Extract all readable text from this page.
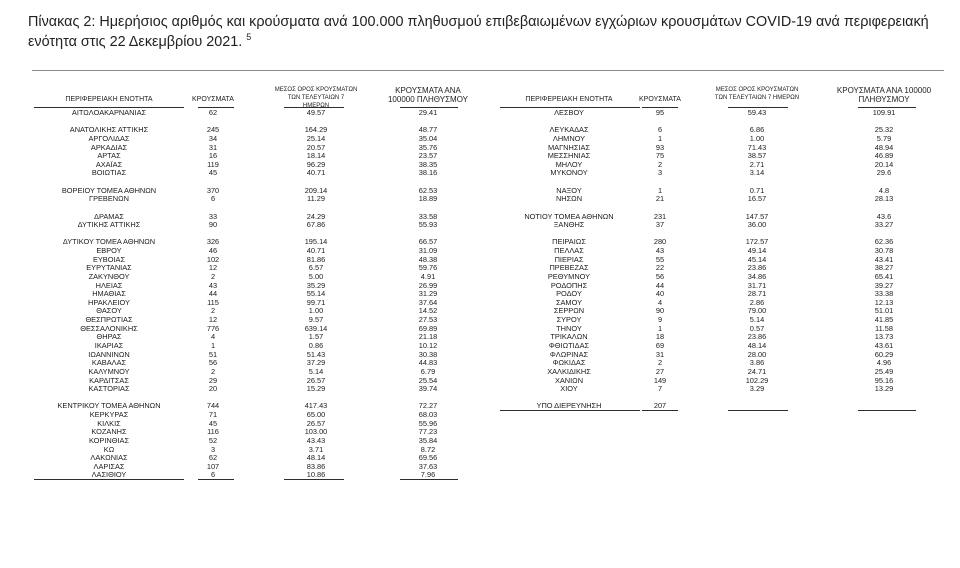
Πίνακας 2: Ημερήσιος αριθμός και κρούσματα ανά 100.000 πληθυσμού επιβεβαιωμένων εγχώριων κρουσμάτων COVID-19 ανά περιφερειακή ενότητα στις 22 Δεκεμβρίου 2021. $^5$
ΠΕΡΙΦΕΡΕΙΑΚΗ ΕΝΟΤΗΤΑ	ΚΡΟΥΣΜΑΤΑ
ΜΕΣΟΣ ΟΡΟΣ ΚΡΟΥΣΜΑΤΩΝ ΤΩΝ ΤΕΛΕΥΤΑΙΩΝ 7 ΗΜΕΡΩΝ
ΚΡΟΥΣΜΑΤΑ ΑΝΑ 100000 ΠΛΗΘΥΣΜΟΥ	ΠΕΡΙΦΕΡΕΙΑΚΗ ΕΝΟΤΗΤΑ	ΚΡΟΥΣΜΑΤΑ
ΜΕΣΟΣ ΟΡΟΣ ΚΡΟΥΣΜΑΤΩΝ ΤΩΝ ΤΕΛΕΥΤΑΙΩΝ 7 ΗΜΕΡΩΝ
ΚΡΟΥΣΜΑΤΑ ΑΝΑ 100000 ΠΛΗΘΥΣΜΟΥ
ΑΙΤΩΛΟΑΚΑΡΝΑΝΙΑΣ	62	49.57	29.41
ΑΝΑΤΟΛΙΚΗΣ ΑΤΤΙΚΗΣ	245	164.29	48.77
ΑΡΓΟΛΙΔΑΣ	34	25.14	35.04
ΑΡΚΑΔΙΑΣ	31	20.57	35.76
ΑΡΤΑΣ	16	18.14	23.57
ΑΧΑΪΑΣ	119	96.29	38.35
ΒΟΙΩΤΙΑΣ	45	40.71	38.16
ΒΟΡΕΙΟΥ ΤΟΜΕΑ ΑΘΗΝΩΝ	370	209.14	62.53
ΓΡΕΒΕΝΩΝ	6	11.29	18.89
ΔΡΑΜΑΣ	33	24.29	33.58
ΔΥΤΙΚΗΣ ΑΤΤΙΚΗΣ	90	67.86	55.93
ΔΥΤΙΚΟΥ ΤΟΜΕΑ ΑΘΗΝΩΝ	326	195.14	66.57
ΕΒΡΟΥ	46	40.71	31.09
ΕΥΒΟΙΑΣ	102	81.86	48.38
ΕΥΡΥΤΑΝΙΑΣ	12	6.57	59.76
ΖΑΚΥΝΘΟΥ	2	5.00	4.91
ΗΛΕΙΑΣ	43	35.29	26.99
ΗΜΑΘΙΑΣ	44	55.14	31.29
ΗΡΑΚΛΕΙΟΥ	115	99.71	37.64
ΘΑΣΟΥ	2	1.00	14.52
ΘΕΣΠΡΩΤΙΑΣ	12	9.57	27.53
ΘΕΣΣΑΛΟΝΙΚΗΣ	776	639.14	69.89
ΘΗΡΑΣ	4	1.57	21.18
ΙΚΑΡΙΑΣ	1	0.86	10.12
ΙΩΑΝΝΙΝΩΝ	51	51.43	30.38
ΚΑΒΑΛΑΣ	56	37.29	44.83
ΚΑΛΥΜΝΟΥ	2	5.14	6.79
ΚΑΡΔΙΤΣΑΣ	29	26.57	25.54
ΚΑΣΤΟΡΙΑΣ	20	15.29	39.74
ΚΕΝΤΡΙΚΟΥ ΤΟΜΕΑ ΑΘΗΝΩΝ	744	417.43	72.27
ΚΕΡΚΥΡΑΣ	71	65.00	68.03
ΚΙΛΚΙΣ	45	26.57	55.96
ΚΟΖΑΝΗΣ	116	103.00	77.23
ΚΟΡΙΝΘΙΑΣ	52	43.43	35.84
ΚΩ	3	3.71	8.72
ΛΑΚΩΝΙΑΣ	62	48.14	69.56
ΛΑΡΙΣΑΣ	107	83.86	37.63
ΛΑΣΙΘΙΟΥ	6	10.86	7.96
ΛΕΣΒΟΥ	95	59.43	109.91
ΛΕΥΚΑΔΑΣ	6	6.86	25.32
ΛΗΜΝΟΥ	1	1.00	5.79
ΜΑΓΝΗΣΙΑΣ	93	71.43	48.94
ΜΕΣΣΗΝΙΑΣ	75	38.57	46.89
ΜΗΛΟΥ	2	2.71	20.14
ΜΥΚΟΝΟΥ	3	3.14	29.6
ΝΑΞΟΥ	1	0.71	4.8
ΝΗΣΩΝ	21	16.57	28.13
ΝΟΤΙΟΥ ΤΟΜΕΑ ΑΘΗΝΩΝ	231	147.57	43.6
ΞΑΝΘΗΣ	37	36.00	33.27
ΠΕΙΡΑΙΩΣ	280	172.57	62.36
ΠΕΛΛΑΣ	43	49.14	30.78
ΠΙΕΡΙΑΣ	55	45.14	43.41
ΠΡΕΒΕΖΑΣ	22	23.86	38.27
ΡΕΘΥΜΝΟΥ	56	34.86	65.41
ΡΟΔΟΠΗΣ	44	31.71	39.27
ΡΟΔΟΥ	40	28.71	33.38
ΣΑΜΟΥ	4	2.86	12.13
ΣΕΡΡΩΝ	90	79.00	51.01
ΣΥΡΟΥ	9	5.14	41.85
ΤΗΝΟΥ	1	0.57	11.58
ΤΡΙΚΑΛΩΝ	18	23.86	13.73
ΦΘΙΩΤΙΔΑΣ	69	48.14	43.61
ΦΛΩΡΙΝΑΣ	31	28.00	60.29
ΦΩΚΙΔΑΣ	2	3.86	4.96
ΧΑΛΚΙΔΙΚΗΣ	27	24.71	25.49
ΧΑΝΙΩΝ	149	102.29	95.16
ΧΙΟΥ	7	3.29	13.29
ΥΠΟ ΔΙΕΡΕΥΝΗΣΗ	207
